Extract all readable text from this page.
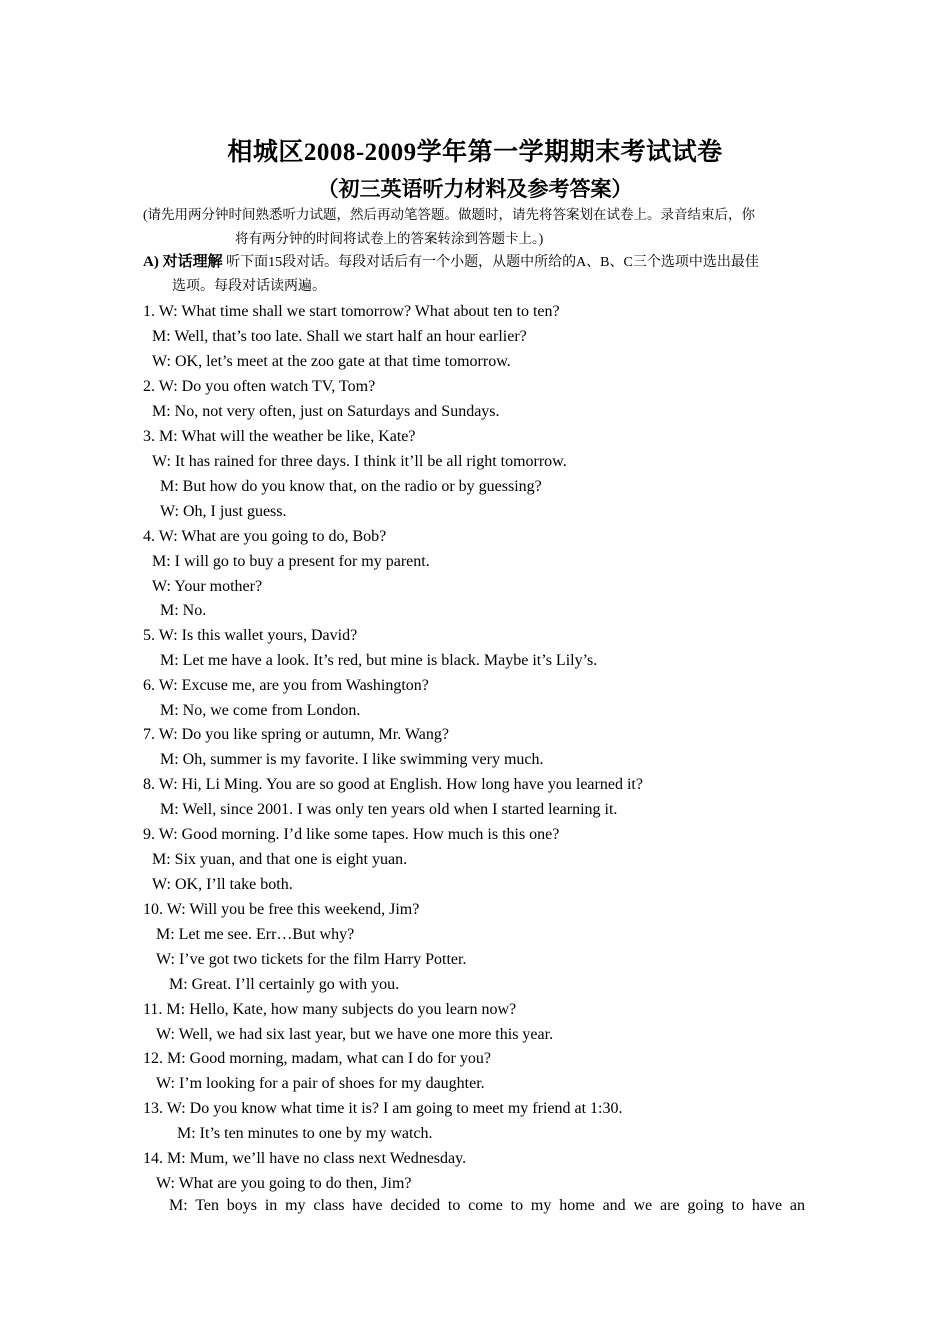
相城区2008-2009学年第一学期期末考试试卷
（初三英语听力材料及参考答案）
(请先用两分钟时间熟悉听力试题，然后再动笔答题。做题时，请先将答案划在试卷上。录音结束后，你
将有两分钟的时间将试卷上的答案转涂到答题卡上。)
A) 对话理解 听下面15段对话。每段对话后有一个小题，从题中所给的A、B、C三个选项中选出最佳
选项。每段对话读两遍。
1. W: What time shall we start tomorrow? What about ten to ten?
M: Well, that’s too late. Shall we start half an hour earlier?
W: OK, let’s meet at the zoo gate at that time tomorrow.
2. W: Do you often watch TV, Tom?
M: No, not very often, just on Saturdays and Sundays.
3. M: What will the weather be like, Kate?
W: It has rained for three days. I think it’ll be all right tomorrow.
M: But how do you know that, on the radio or by guessing?
W: Oh, I just guess.
4. W: What are you going to do, Bob?
M: I will go to buy a present for my parent.
W: Your mother?
M: No.
5. W: Is this wallet yours, David?
M: Let me have a look. It’s red, but mine is black. Maybe it’s Lily’s.
6. W: Excuse me, are you from Washington?
M: No, we come from London.
7. W: Do you like spring or autumn, Mr. Wang?
M: Oh, summer is my favorite. I like swimming very much.
8. W: Hi, Li Ming. You are so good at English. How long have you learned it?
M: Well, since 2001. I was only ten years old when I started learning it.
9. W: Good morning. I’d like some tapes. How much is this one?
M: Six yuan, and that one is eight yuan.
W: OK, I’ll take both.
10. W: Will you be free this weekend, Jim?
M: Let me see. Err…But why?
W: I’ve got two tickets for the film Harry Potter.
M: Great. I’ll certainly go with you.
11. M: Hello, Kate, how many subjects do you learn now?
W: Well, we had six last year, but we have one more this year.
12. M: Good morning, madam, what can I do for you?
W: I’m looking for a pair of shoes for my daughter.
13. W: Do you know what time it is? I am going to meet my friend at 1:30.
M: It’s ten minutes to one by my watch.
14. M: Mum, we’ll have no class next Wednesday.
W: What are you going to do then, Jim?
M: Ten boys in my class have decided to come to my home and we are going to have an
